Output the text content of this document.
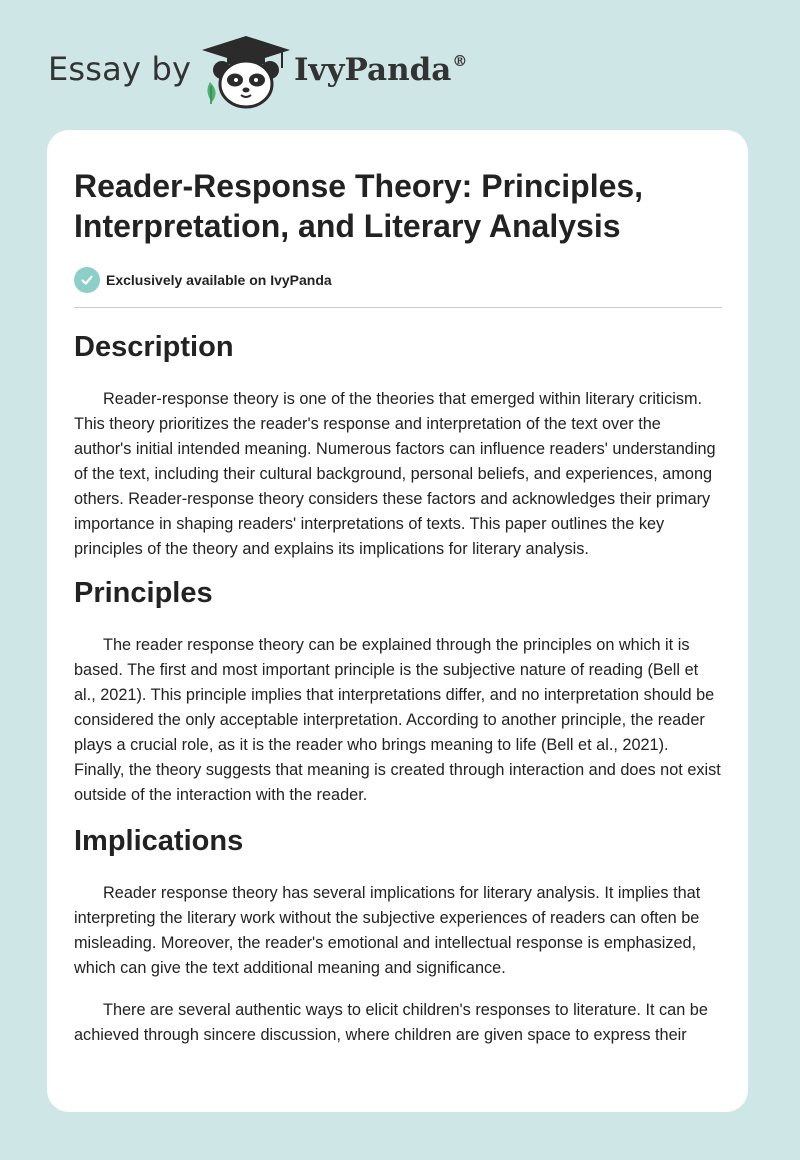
Essay by	IvyPanda®
Reader-Response Theory: Principles, Interpretation, and Literary Analysis
Exclusively available on IvyPanda
Description

Reader-response theory is one of the theories that emerged within literary criticism. This theory prioritizes the reader's response and interpretation of the text over the author's initial intended meaning. Numerous factors can influence readers' understanding of the text, including their cultural background, personal beliefs, and experiences, among others. Reader-response theory considers these factors and acknowledges their primary importance in shaping readers' interpretations of texts. This paper outlines the key principles of the theory and explains its implications for literary analysis.

Principles

The reader response theory can be explained through the principles on which it is based. The first and most important principle is the subjective nature of reading (Bell et al., 2021). This principle implies that interpretations differ, and no interpretation should be considered the only acceptable interpretation. According to another principle, the reader plays a crucial role, as it is the reader who brings meaning to life (Bell et al., 2021). Finally, the theory suggests that meaning is created through interaction and does not exist outside of the interaction with the reader.

Implications

Reader response theory has several implications for literary analysis. It implies that interpreting the literary work without the subjective experiences of readers can often be misleading. Moreover, the reader's emotional and intellectual response is emphasized, which can give the text additional meaning and significance.

There are several authentic ways to elicit children's responses to literature. It can be achieved through sincere discussion, where children are given space to express their
